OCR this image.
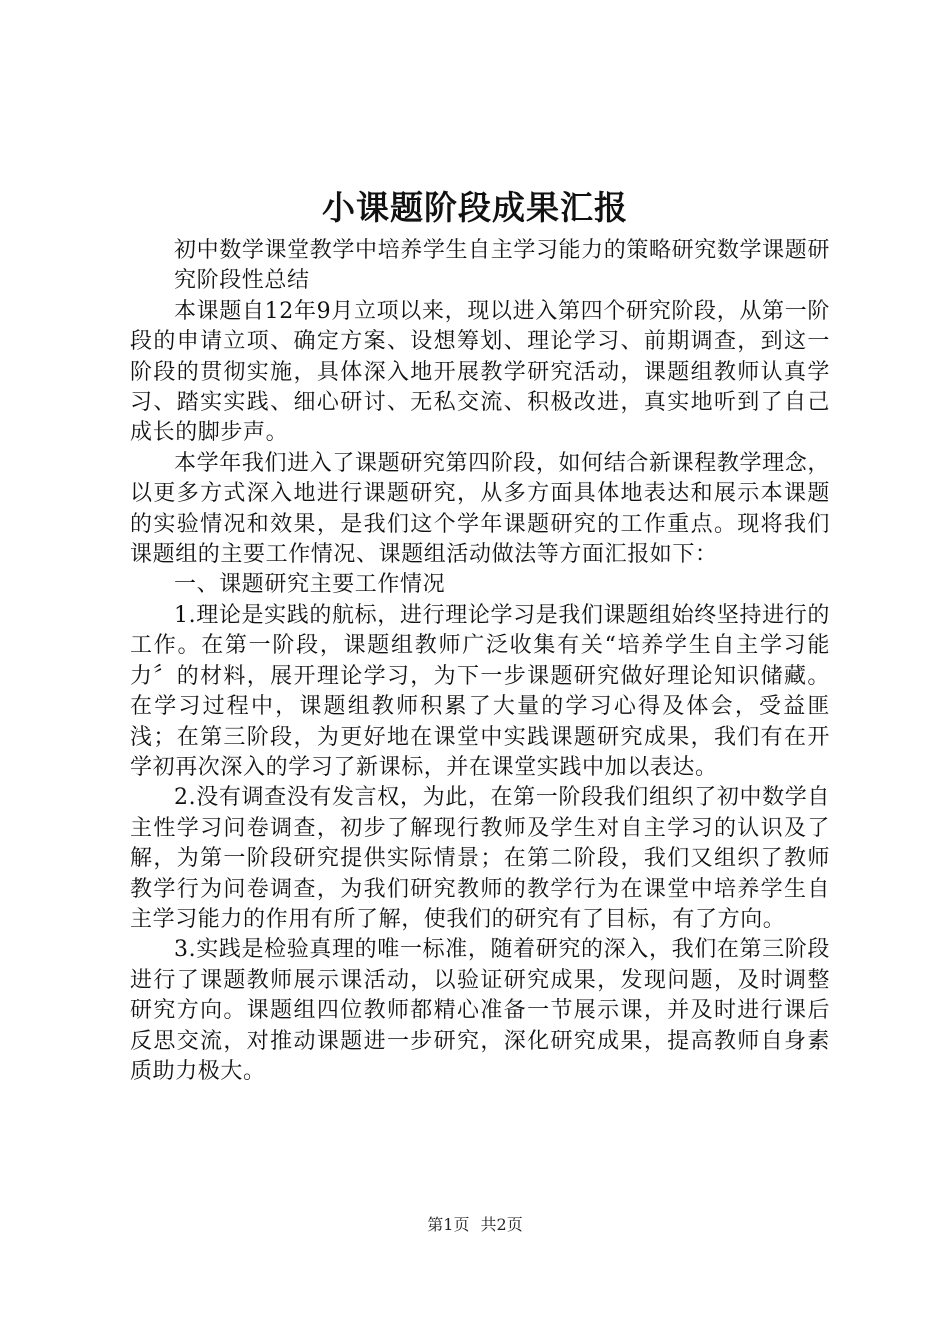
小课题阶段成果汇报

初中数学课堂教学中培养学生自主学习能力的策略研究数学课题研究阶段性总结

本课题自12年9月立项以来，现以进入第四个研究阶段，从第一阶段的申请立项、确定方案、设想筹划、理论学习、前期调查，到这一阶段的贯彻实施，具体深入地开展教学研究活动，课题组教师认真学习、踏实实践、细心研讨、无私交流、积极改进，真实地听到了自己成长的脚步声。

本学年我们进入了课题研究第四阶段，如何结合新课程教学理念，以更多方式深入地进行课题研究，从多方面具体地表达和展示本课题的实验情况和效果，是我们这个学年课题研究的工作重点。现将我们课题组的主要工作情况、课题组活动做法等方面汇报如下：

一、课题研究主要工作情况

1.理论是实践的航标，进行理论学习是我们课题组始终坚持进行的工作。在第一阶段，课题组教师广泛收集有关“培养学生自主学习能力〞的材料，展开理论学习，为下一步课题研究做好理论知识储藏。在学习过程中，课题组教师积累了大量的学习心得及体会，受益匪浅；在第三阶段，为更好地在课堂中实践课题研究成果，我们有在开学初再次深入的学习了新课标，并在课堂实践中加以表达。

2.没有调查没有发言权，为此，在第一阶段我们组织了初中数学自主性学习问卷调查，初步了解现行教师及学生对自主学习的认识及了解，为第一阶段研究提供实际情景；在第二阶段，我们又组织了教师教学行为问卷调查，为我们研究教师的教学行为在课堂中培养学生自主学习能力的作用有所了解，使我们的研究有了目标，有了方向。

3.实践是检验真理的唯一标准，随着研究的深入，我们在第三阶段进行了课题教师展示课活动，以验证研究成果，发现问题，及时调整研究方向。课题组四位教师都精心准备一节展示课，并及时进行课后反思交流，对推动课题进一步研究，深化研究成果，提高教师自身素质助力极大。

第1页 共2页
